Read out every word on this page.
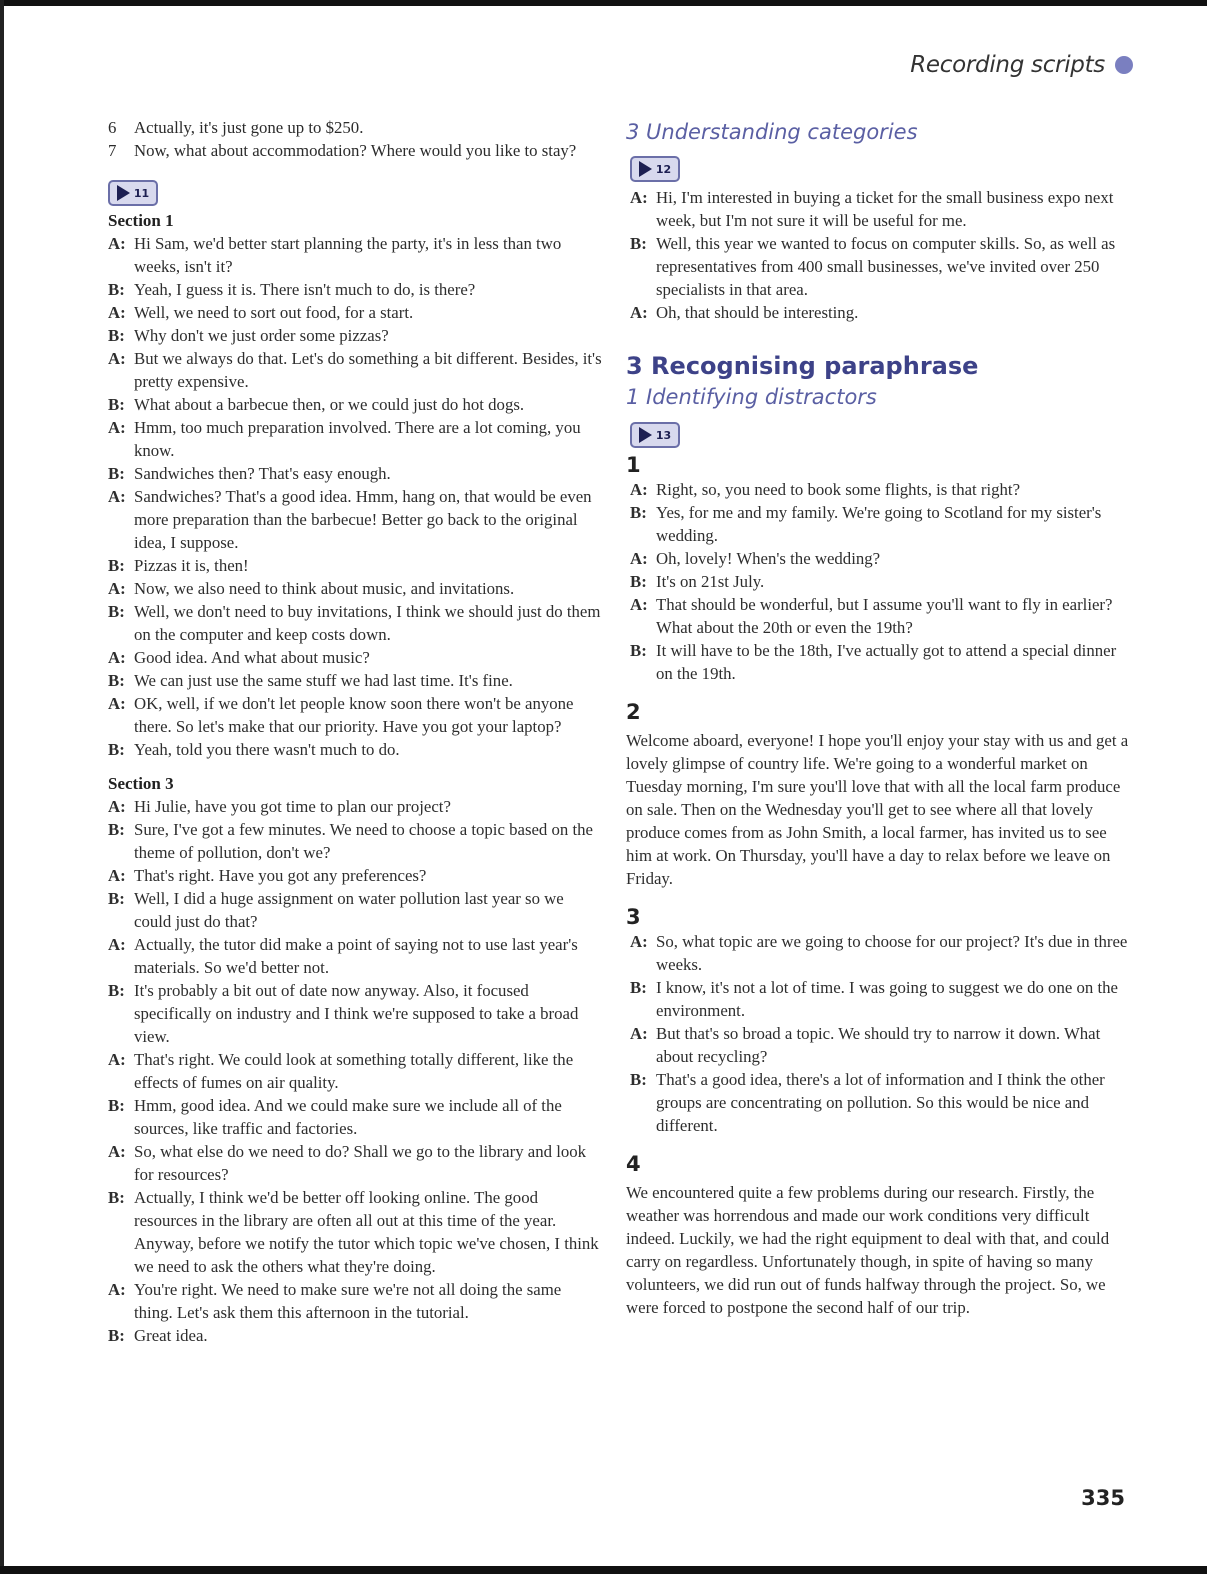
Recording scripts
6 Actually, it's just gone up to $250.
7 Now, what about accommodation? Where would you like to stay?
11
Section 1
A: Hi Sam, we'd better start planning the party, it's in less than two weeks, isn't it?
B: Yeah, I guess it is. There isn't much to do, is there?
A: Well, we need to sort out food, for a start.
B: Why don't we just order some pizzas?
A: But we always do that. Let's do something a bit different. Besides, it's pretty expensive.
B: What about a barbecue then, or we could just do hot dogs.
A: Hmm, too much preparation involved. There are a lot coming, you know.
B: Sandwiches then? That's easy enough.
A: Sandwiches? That's a good idea. Hmm, hang on, that would be even more preparation than the barbecue! Better go back to the original idea, I suppose.
B: Pizzas it is, then!
A: Now, we also need to think about music, and invitations.
B: Well, we don't need to buy invitations, I think we should just do them on the computer and keep costs down.
A: Good idea. And what about music?
B: We can just use the same stuff we had last time. It's fine.
A: OK, well, if we don't let people know soon there won't be anyone there. So let's make that our priority. Have you got your laptop?
B: Yeah, told you there wasn't much to do.
Section 3
A: Hi Julie, have you got time to plan our project?
B: Sure, I've got a few minutes. We need to choose a topic based on the theme of pollution, don't we?
A: That's right. Have you got any preferences?
B: Well, I did a huge assignment on water pollution last year so we could just do that?
A: Actually, the tutor did make a point of saying not to use last year's materials. So we'd better not.
B: It's probably a bit out of date now anyway. Also, it focused specifically on industry and I think we're supposed to take a broad view.
A: That's right. We could look at something totally different, like the effects of fumes on air quality.
B: Hmm, good idea. And we could make sure we include all of the sources, like traffic and factories.
A: So, what else do we need to do? Shall we go to the library and look for resources?
B: Actually, I think we'd be better off looking online. The good resources in the library are often all out at this time of the year. Anyway, before we notify the tutor which topic we've chosen, I think we need to ask the others what they're doing.
A: You're right. We need to make sure we're not all doing the same thing. Let's ask them this afternoon in the tutorial.
B: Great idea.
3 Understanding categories
12
A: Hi, I'm interested in buying a ticket for the small business expo next week, but I'm not sure it will be useful for me.
B: Well, this year we wanted to focus on computer skills. So, as well as representatives from 400 small businesses, we've invited over 250 specialists in that area.
A: Oh, that should be interesting.
3 Recognising paraphrase
1 Identifying distractors
13
1
A: Right, so, you need to book some flights, is that right?
B: Yes, for me and my family. We're going to Scotland for my sister's wedding.
A: Oh, lovely! When's the wedding?
B: It's on 21st July.
A: That should be wonderful, but I assume you'll want to fly in earlier? What about the 20th or even the 19th?
B: It will have to be the 18th, I've actually got to attend a special dinner on the 19th.
2
Welcome aboard, everyone! I hope you'll enjoy your stay with us and get a lovely glimpse of country life. We're going to a wonderful market on Tuesday morning, I'm sure you'll love that with all the local farm produce on sale. Then on the Wednesday you'll get to see where all that lovely produce comes from as John Smith, a local farmer, has invited us to see him at work. On Thursday, you'll have a day to relax before we leave on Friday.
3
A: So, what topic are we going to choose for our project? It's due in three weeks.
B: I know, it's not a lot of time. I was going to suggest we do one on the environment.
A: But that's so broad a topic. We should try to narrow it down. What about recycling?
B: That's a good idea, there's a lot of information and I think the other groups are concentrating on pollution. So this would be nice and different.
4
We encountered quite a few problems during our research. Firstly, the weather was horrendous and made our work conditions very difficult indeed. Luckily, we had the right equipment to deal with that, and could carry on regardless. Unfortunately though, in spite of having so many volunteers, we did run out of funds halfway through the project. So, we were forced to postpone the second half of our trip.
335
